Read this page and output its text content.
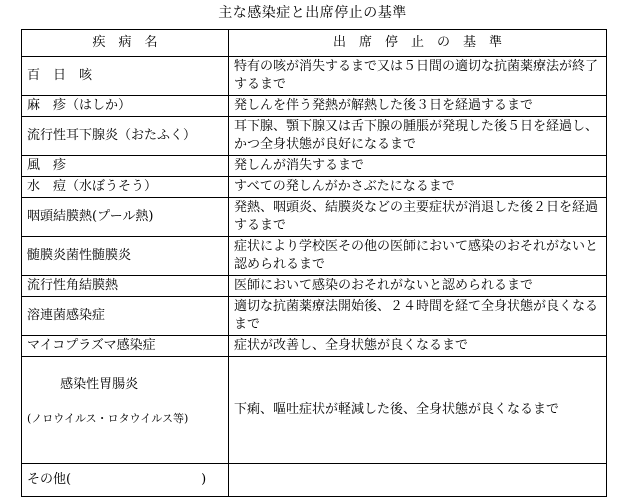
主な感染症と出席停止の基準
疾　病　名	出　席　停　止　の　基　準
百　日　咳	特有の咳が消失するまで又は５日間の適切な抗菌薬療法が終了するまで
麻　疹（はしか）	発しんを伴う発熱が解熱した後３日を経過するまで
流行性耳下腺炎（おたふく）	耳下腺、顎下腺又は舌下腺の腫脹が発現した後５日を経過し、かつ全身状態が良好になるまで
風　疹	発しんが消失するまで
水　痘（水ぼうそう）	すべての発しんがかさぶたになるまで
咽頭結膜熱(プール熱)	発熱、咽頭炎、結膜炎などの主要症状が消退した後２日を経過するまで
髄膜炎菌性髄膜炎	症状により学校医その他の医師において感染のおそれがないと認められるまで
流行性角結膜熱	医師において感染のおそれがないと認められるまで
溶連菌感染症	適切な抗菌薬療法開始後、２４時間を経て全身状態が良くなるまで
マイコプラズマ感染症	症状が改善し、全身状態が良くなるまで

感染性胃腸炎

(ノロウイルス・ロタウイルス等)	下痢、嘔吐症状が軽減した後、全身状態が良くなるまで
その他(　　　　　　　　　　)	
